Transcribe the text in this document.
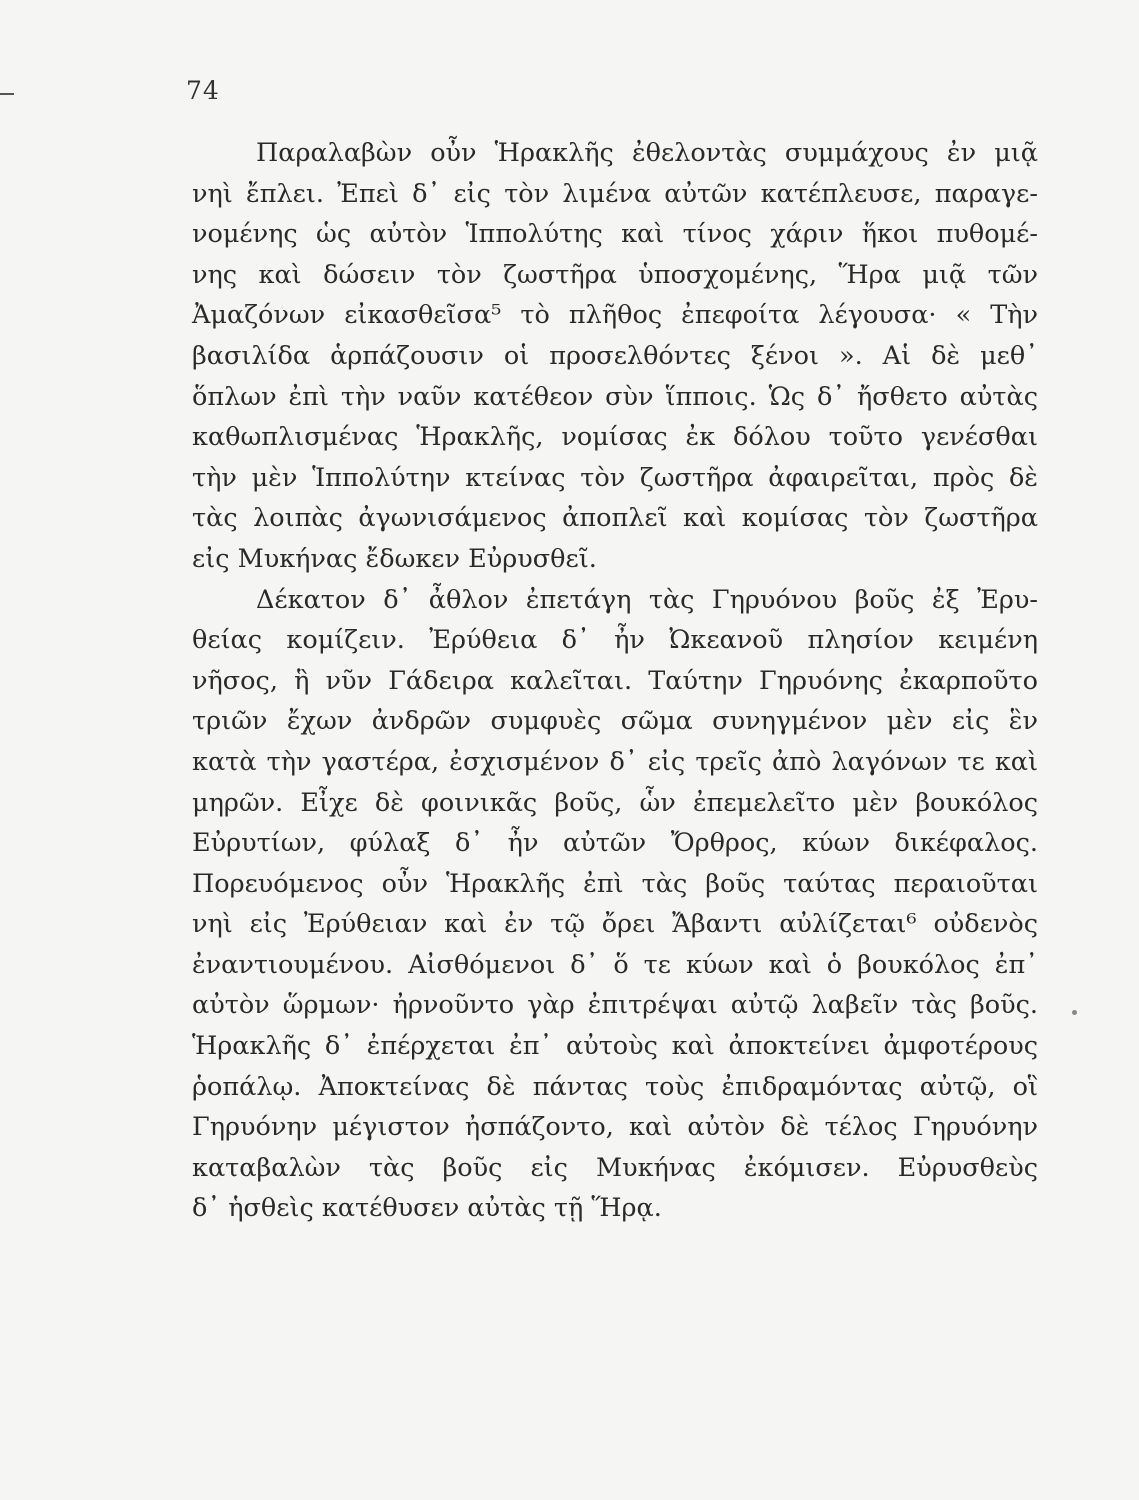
74
Παραλαβὼν οὖν Ἡρακλῆς ἐθελοντὰς συμμάχους ἐν μιᾷ
νηὶ ἔπλει. Ἐπεὶ δ᾽ εἰς τὸν λιμένα αὐτῶν κατέπλευσε, παραγε-
νομένης ὡς αὐτὸν Ἱππολύτης καὶ τίνος χάριν ἥκοι πυθομέ-
νης καὶ δώσειν τὸν ζωστῆρα ὑποσχομένης, Ἥρα μιᾷ τῶν
Ἀμαζόνων εἰκασθεῖσα⁵ τὸ πλῆθος ἐπεφοίτα λέγουσα· « Τὴν
βασιλίδα ἁρπάζουσιν οἱ προσελθόντες ξένοι ». Αἱ δὲ μεθ᾽
ὅπλων ἐπὶ τὴν ναῦν κατέθεον σὺν ἵπποις. Ὡς δ᾽ ἤσθετο αὐτὰς
καθωπλισμένας Ἡρακλῆς, νομίσας ἐκ δόλου τοῦτο γενέσθαι
τὴν μὲν Ἱππολύτην κτείνας τὸν ζωστῆρα ἀφαιρεῖται, πρὸς δὲ
τὰς λοιπὰς ἀγωνισάμενος ἀποπλεῖ καὶ κομίσας τὸν ζωστῆρα
εἰς Μυκήνας ἔδωκεν Εὐρυσθεῖ.
Δέκατον δ᾽ ἆθλον ἐπετάγη τὰς Γηρυόνου βοῦς ἐξ Ἐρυ-
θείας κομίζειν. Ἐρύθεια δ᾽ ἦν Ὠκεανοῦ πλησίον κειμένη
νῆσος, ἣ νῦν Γάδειρα καλεῖται. Ταύτην Γηρυόνης ἐκαρποῦτο
τριῶν ἔχων ἀνδρῶν συμφυὲς σῶμα συνηγμένον μὲν εἰς ἓν
κατὰ τὴν γαστέρα, ἐσχισμένον δ᾽ εἰς τρεῖς ἀπὸ λαγόνων τε καὶ
μηρῶν. Εἶχε δὲ φοινικᾶς βοῦς, ὧν ἐπεμελεῖτο μὲν βουκόλος
Εὐρυτίων, φύλαξ δ᾽ ἦν αὐτῶν Ὄρθρος, κύων δικέφαλος.
Πορευόμενος οὖν Ἡρακλῆς ἐπὶ τὰς βοῦς ταύτας περαιοῦται
νηὶ εἰς Ἐρύθειαν καὶ ἐν τῷ ὄρει Ἄβαντι αὐλίζεται⁶ οὐδενὸς
ἐναντιουμένου. Αἰσθόμενοι δ᾽ ὅ τε κύων καὶ ὁ βουκόλος ἐπ᾽
αὐτὸν ὥρμων· ἠρνοῦντο γὰρ ἐπιτρέψαι αὐτῷ λαβεῖν τὰς βοῦς.
Ἡρακλῆς δ᾽ ἐπέρχεται ἐπ᾽ αὐτοὺς καὶ ἀποκτείνει ἀμφοτέρους
ῥοπάλῳ. Ἀποκτείνας δὲ πάντας τοὺς ἐπιδραμόντας αὐτῷ, οἳ
Γηρυόνην μέγιστον ἠσπάζοντο, καὶ αὐτὸν δὲ τέλος Γηρυόνην
καταβαλὼν τὰς βοῦς εἰς Μυκήνας ἐκόμισεν. Εὐρυσθεὺς
δ᾽ ἡσθεὶς κατέθυσεν αὐτὰς τῇ Ἥρᾳ.
